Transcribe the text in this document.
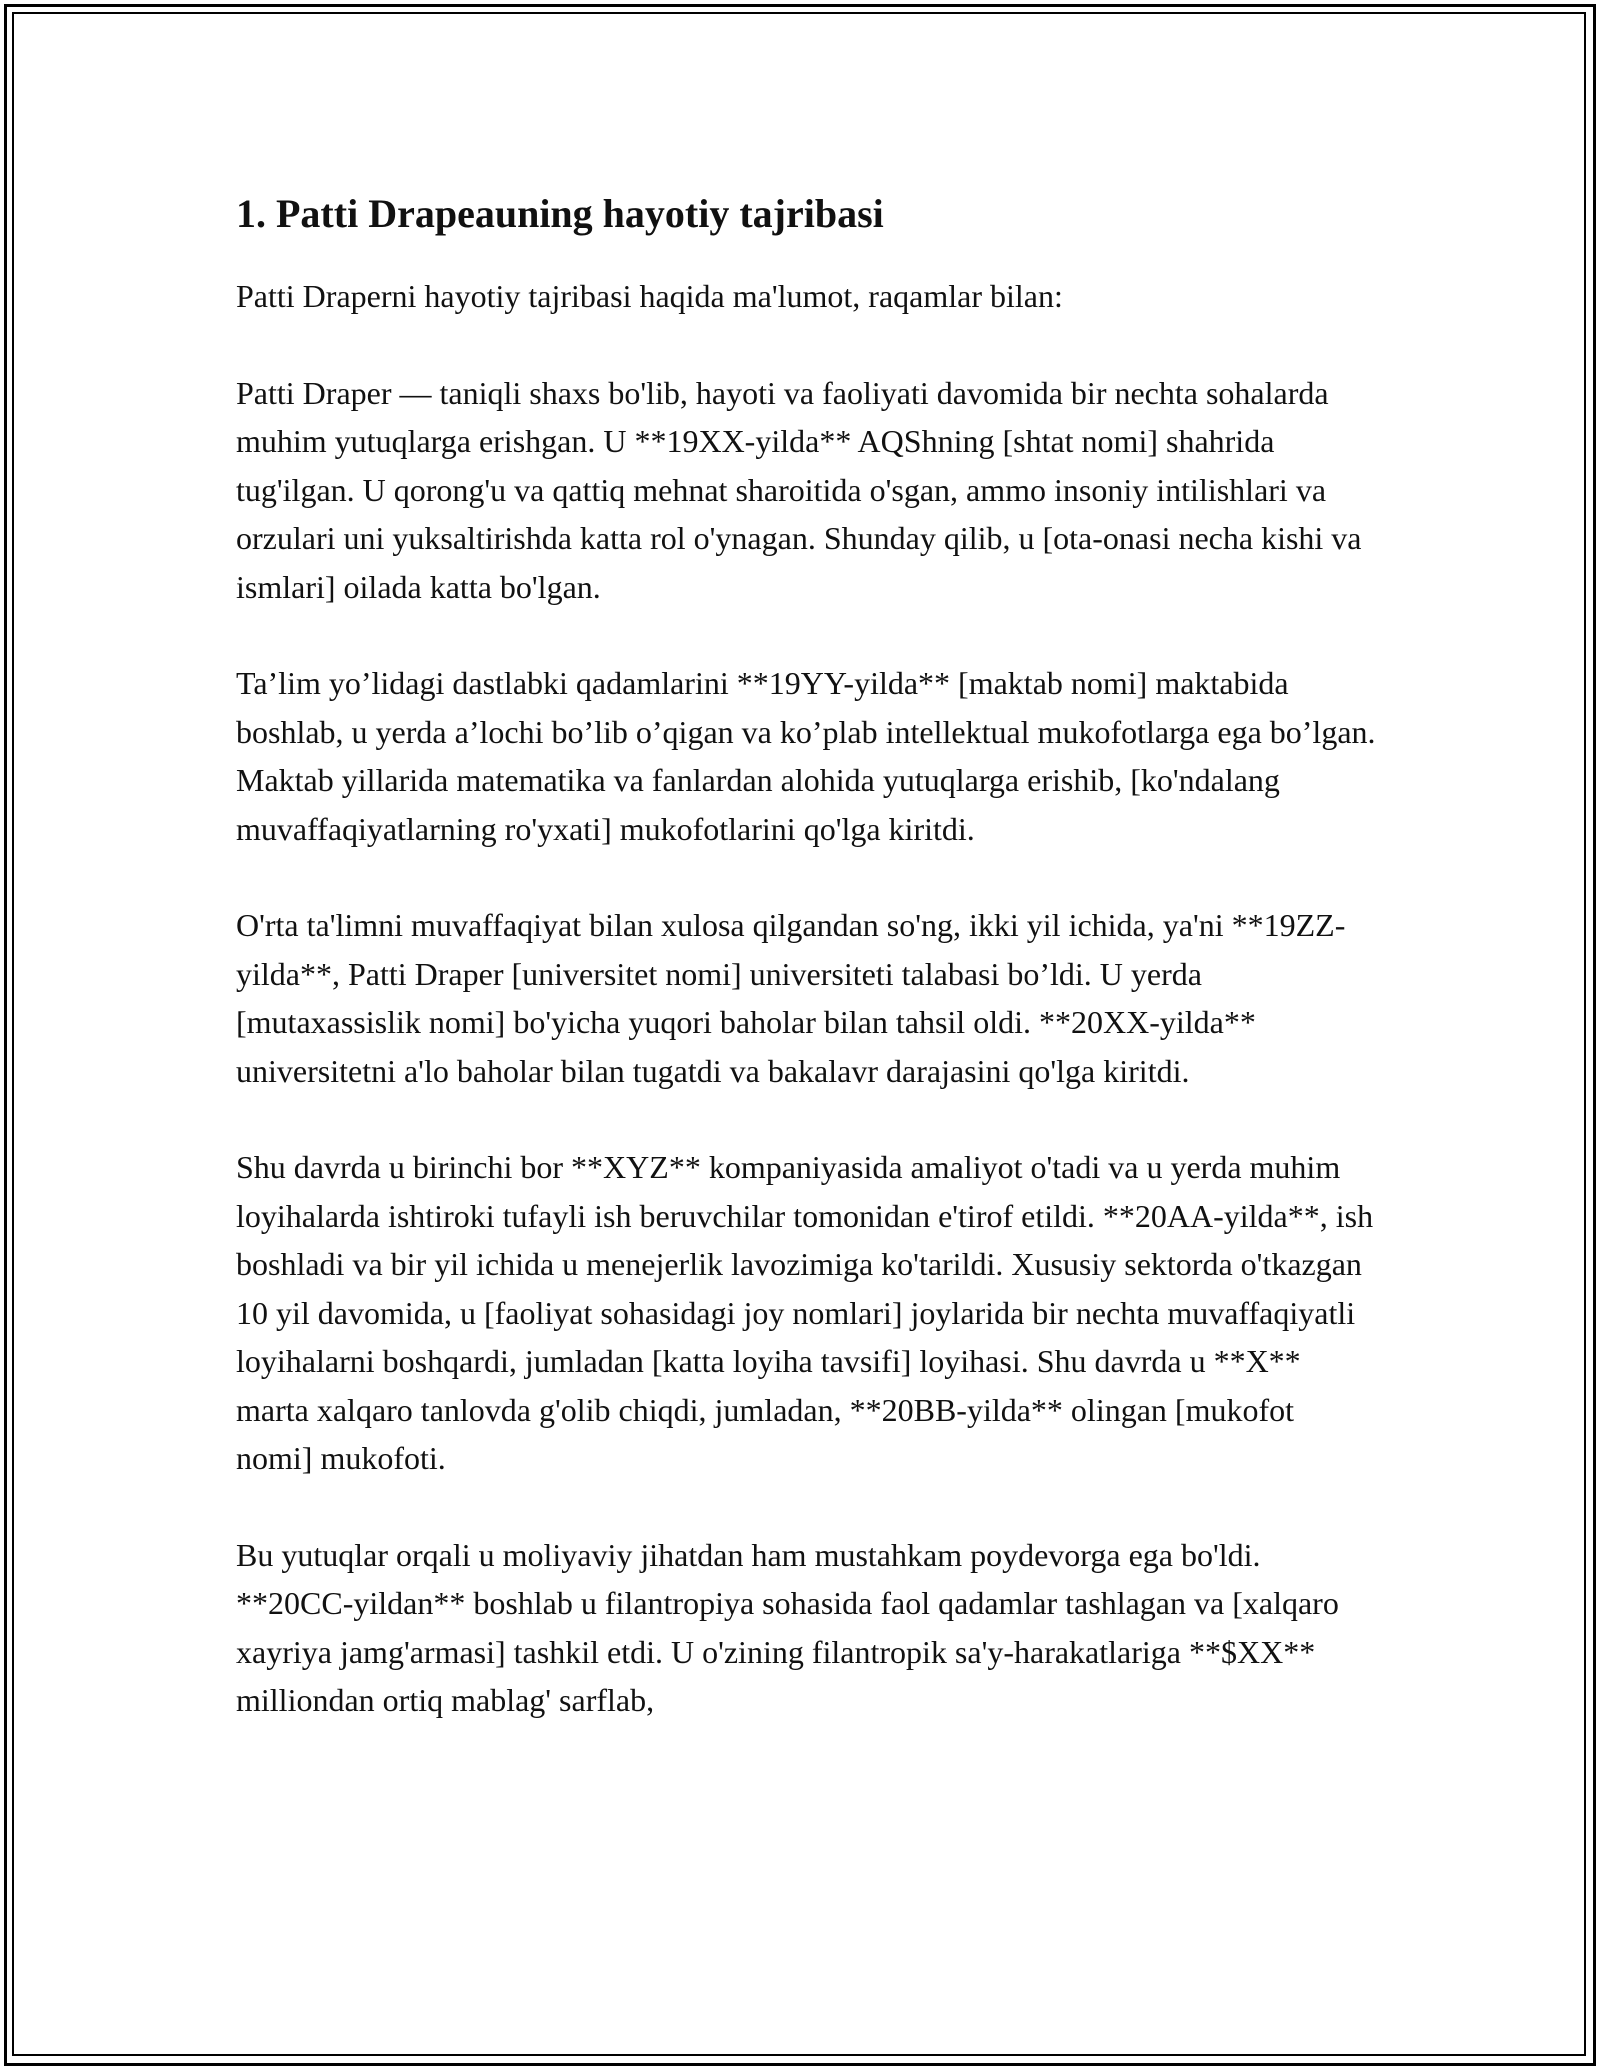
1. Patti Drapeauning hayotiy tajribasi

Patti Draperni hayotiy tajribasi haqida ma'lumot, raqamlar bilan:

Patti Draper — taniqli shaxs bo'lib, hayoti va faoliyati davomida bir nechta sohalarda muhim yutuqlarga erishgan. U **19XX-yilda** AQShning [shtat nomi] shahrida tug'ilgan. U qorong'u va qattiq mehnat sharoitida o'sgan, ammo insoniy intilishlari va orzulari uni yuksaltirishda katta rol o'ynagan. Shunday qilib, u [ota-onasi necha kishi va ismlari] oilada katta bo'lgan.

Ta’lim yo’lidagi dastlabki qadamlarini **19YY-yilda** [maktab nomi] maktabida boshlab, u yerda a’lochi bo’lib o’qigan va ko’plab intellektual mukofotlarga ega bo’lgan. Maktab yillarida matematika va fanlardan alohida yutuqlarga erishib, [ko'ndalang muvaffaqiyatlarning ro'yxati] mukofotlarini qo'lga kiritdi.

O'rta ta'limni muvaffaqiyat bilan xulosa qilgandan so'ng, ikki yil ichida, ya'ni **19ZZ-yilda**, Patti Draper [universitet nomi] universiteti talabasi bo’ldi. U yerda [mutaxassislik nomi] bo'yicha yuqori baholar bilan tahsil oldi. **20XX-yilda** universitetni a'lo baholar bilan tugatdi va bakalavr darajasini qo'lga kiritdi.

Shu davrda u birinchi bor **XYZ** kompaniyasida amaliyot o'tadi va u yerda muhim loyihalarda ishtiroki tufayli ish beruvchilar tomonidan e'tirof etildi. **20AA-yilda**, ish boshladi va bir yil ichida u menejerlik lavozimiga ko'tarildi. Xususiy sektorda o'tkazgan 10 yil davomida, u [faoliyat sohasidagi joy nomlari] joylarida bir nechta muvaffaqiyatli loyihalarni boshqardi, jumladan [katta loyiha tavsifi] loyihasi. Shu davrda u **X** marta xalqaro tanlovda g'olib chiqdi, jumladan, **20BB-yilda** olingan [mukofot nomi] mukofoti.

Bu yutuqlar orqali u moliyaviy jihatdan ham mustahkam poydevorga ega bo'ldi. **20CC-yildan** boshlab u filantropiya sohasida faol qadamlar tashlagan va [xalqaro xayriya jamg'armasi] tashkil etdi. U o'zining filantropik sa'y-harakatlariga **$XX** milliondan ortiq mablag' sarflab,
